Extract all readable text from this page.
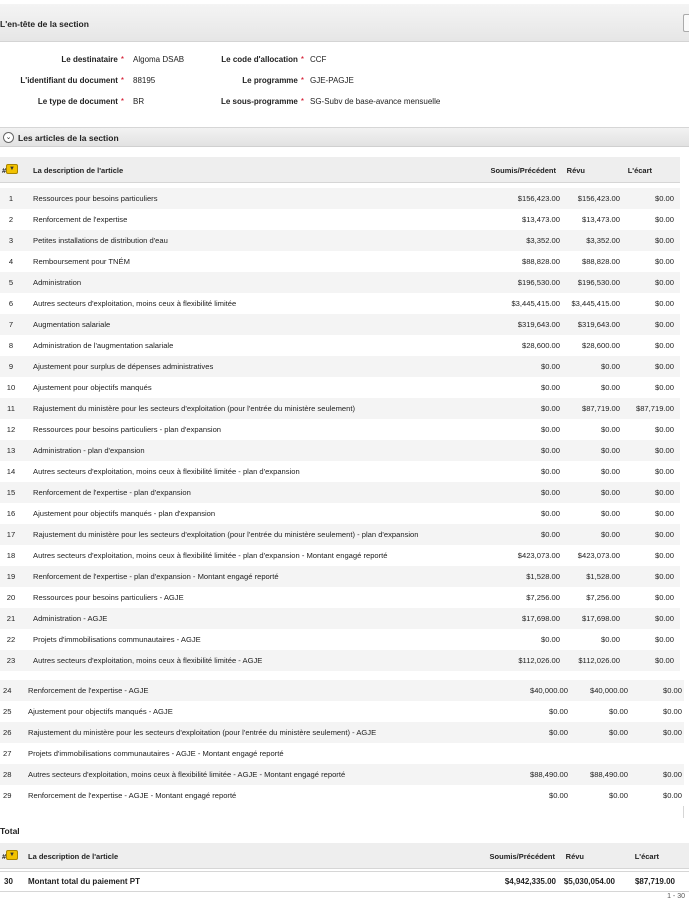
L'en-tête de la section
Le destinataire * Algoma DSAB	Le code d'allocation * CCF
L'identifiant du document * 88195	Le programme * GJE-PAGJE
Le type de document * BR	Le sous-programme * SG-Subv de base-avance mensuelle
⌄ Les articles de la section
# ▼	La description de l'article	Soumis/Précédent Révu	L'écart
1	Ressources pour besoins particuliers	$156,423.00 $156,423.00	$0.00
2	Renforcement de l'expertise	$13,473.00	$13,473.00	$0.00
3	Petites installations de distribution d'eau	$3,352.00	$3,352.00	$0.00
4	Remboursement pour TNÉM	$88,828.00	$88,828.00	$0.00
5	Administration	$196,530.00 $196,530.00	$0.00
6	Autres secteurs d'exploitation, moins ceux à flexibilité limitée	$3,445,415.00 $3,445,415.00	$0.00
7	Augmentation salariale	$319,643.00 $319,643.00	$0.00
8	Administration de l'augmentation salariale	$28,600.00	$28,600.00	$0.00
9	Ajustement pour surplus de dépenses administratives	$0.00	$0.00	$0.00
10	Ajustement pour objectifs manqués	$0.00	$0.00	$0.00
11	Rajustement du ministère pour les secteurs d'exploitation (pour l'entrée du ministère seulement)	$0.00	$87,719.00 $87,719.00
12	Ressources pour besoins particuliers - plan d'expansion	$0.00	$0.00	$0.00
13	Administration - plan d'expansion	$0.00	$0.00	$0.00
14	Autres secteurs d'exploitation, moins ceux à flexibilité limitée - plan d'expansion	$0.00	$0.00	$0.00
15	Renforcement de l'expertise - plan d'expansion	$0.00	$0.00	$0.00
16	Ajustement pour objectifs manqués - plan d'expansion	$0.00	$0.00	$0.00
17	Rajustement du ministère pour les secteurs d'exploitation (pour l'entrée du ministère seulement) - plan d'expansion	$0.00	$0.00	$0.00
18	Autres secteurs d'exploitation, moins ceux à flexibilité limitée - plan d'expansion - Montant engagé reporté	$423,073.00 $423,073.00	$0.00
19	Renforcement de l'expertise - plan d'expansion - Montant engagé reporté	$1,528.00	$1,528.00	$0.00
20	Ressources pour besoins particuliers - AGJE	$7,256.00	$7,256.00	$0.00
21	Administration - AGJE	$17,698.00	$17,698.00	$0.00
22	Projets d'immobilisations communautaires - AGJE	$0.00	$0.00	$0.00
23	Autres secteurs d'exploitation, moins ceux à flexibilité limitée - AGJE	$112,026.00 $112,026.00	$0.00
24	Renforcement de l'expertise - AGJE	$40,000.00	$40,000.00	$0.00
25	Ajustement pour objectifs manqués - AGJE	$0.00	$0.00	$0.00
26	Rajustement du ministère pour les secteurs d'exploitation (pour l'entrée du ministère seulement) - AGJE	$0.00	$0.00	$0.00
27	Projets d'immobilisations communautaires - AGJE - Montant engagé reporté
28	Autres secteurs d'exploitation, moins ceux à flexibilité limitée - AGJE - Montant engagé reporté	$88,490.00	$88,490.00	$0.00
29	Renforcement de l'expertise - AGJE - Montant engagé reporté	$0.00	$0.00	$0.00
Total
# ▼	La description de l'article	Soumis/Précédent Révu	L'écart
30 Montant total du paiement PT	$4,942,335.00 $5,030,054.00 $87,719.00
1 - 30
